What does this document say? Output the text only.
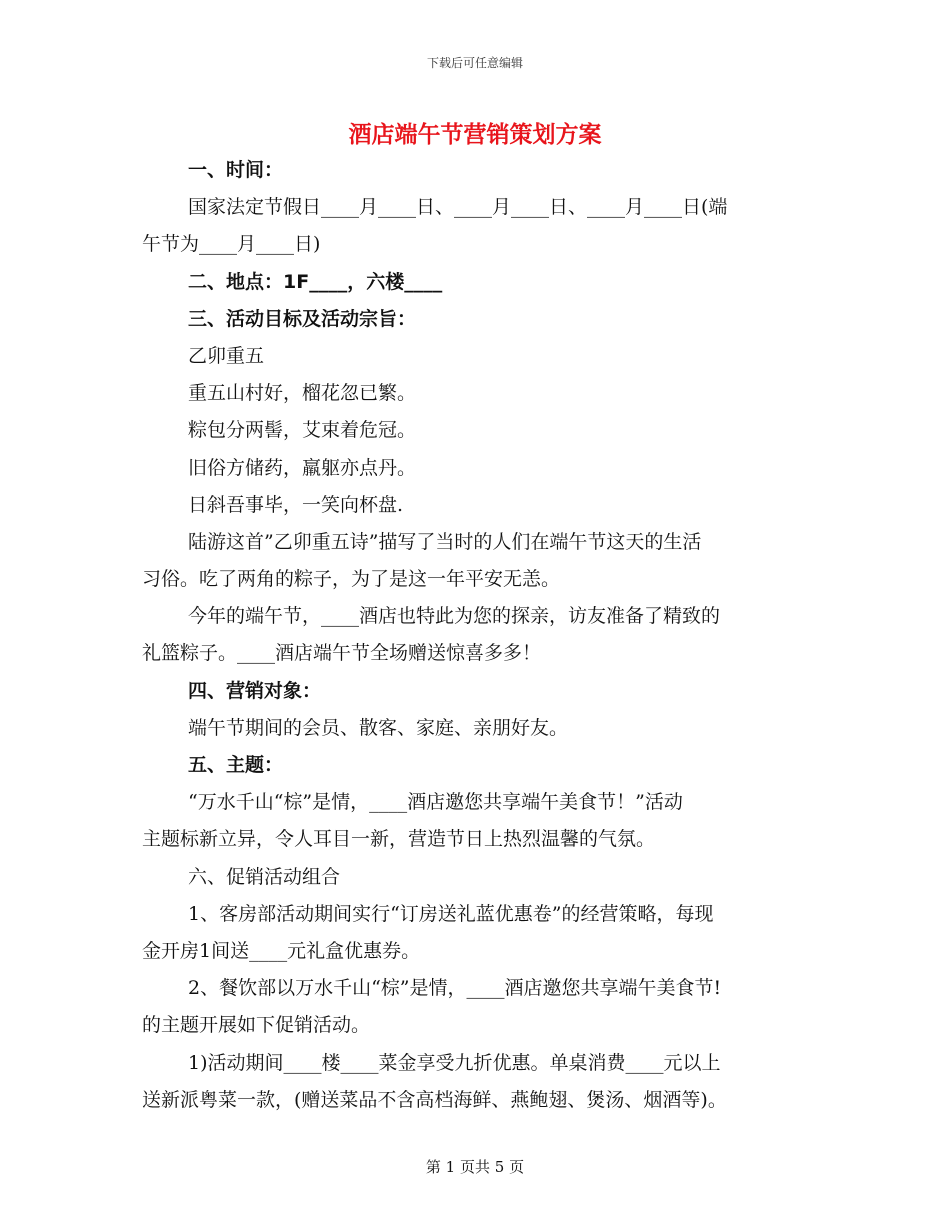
下载后可任意编辑
酒店端午节营销策划方案
一、时间：
国家法定节假日____月____日、____月____日、____月____日(端
午节为____月____日)
二、地点：1F____，六楼____
三、活动目标及活动宗旨：
乙卯重五
重五山村好，榴花忽已繁。
粽包分两髻，艾束着危冠。
旧俗方储药，羸躯亦点丹。
日斜吾事毕，一笑向杯盘.
陆游这首”乙卯重五诗”描写了当时的人们在端午节这天的生活
习俗。吃了两角的粽子，为了是这一年平安无恙。
今年的端午节，____酒店也特此为您的探亲，访友准备了精致的
礼篮粽子。____酒店端午节全场赠送惊喜多多！
四、营销对象：
端午节期间的会员、散客、家庭、亲朋好友。
五、主题：
“万水千山“棕”是情，____酒店邀您共享端午美食节！”活动
主题标新立异，令人耳目一新，营造节日上热烈温馨的气氛。
六、促销活动组合
1、客房部活动期间实行“订房送礼蓝优惠卷”的经营策略，每现
金开房1间送____元礼盒优惠券。
2、餐饮部以万水千山“棕”是情，____酒店邀您共享端午美食节!
的主题开展如下促销活动。
1)活动期间____楼____菜金享受九折优惠。单桌消费____元以上
送新派粤菜一款，(赠送菜品不含高档海鲜、燕鲍翅、煲汤、烟酒等)。
第 1 页共 5 页
